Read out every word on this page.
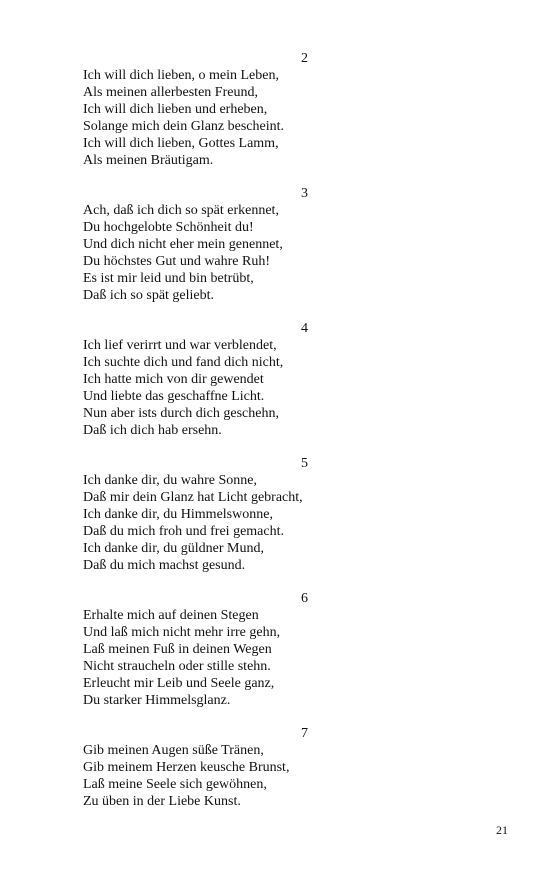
2
Ich will dich lieben, o mein Leben,
Als meinen allerbesten Freund,
Ich will dich lieben und erheben,
Solange mich dein Glanz bescheint.
Ich will dich lieben, Gottes Lamm,
Als meinen Bräutigam.
3
Ach, daß ich dich so spät erkennet,
Du hochgelobte Schönheit du!
Und dich nicht eher mein genennet,
Du höchstes Gut und wahre Ruh!
Es ist mir leid und bin betrübt,
Daß ich so spät geliebt.
4
Ich lief verirrt und war verblendet,
Ich suchte dich und fand dich nicht,
Ich hatte mich von dir gewendet
Und liebte das geschaffne Licht.
Nun aber ists durch dich geschehn,
Daß ich dich hab ersehn.
5
Ich danke dir, du wahre Sonne,
Daß mir dein Glanz hat Licht gebracht,
Ich danke dir, du Himmelswonne,
Daß du mich froh und frei gemacht.
Ich danke dir, du güldner Mund,
Daß du mich machst gesund.
6
Erhalte mich auf deinen Stegen
Und laß mich nicht mehr irre gehn,
Laß meinen Fuß in deinen Wegen
Nicht straucheln oder stille stehn.
Erleucht mir Leib und Seele ganz,
Du starker Himmelsglanz.
7
Gib meinen Augen süße Tränen,
Gib meinem Herzen keusche Brunst,
Laß meine Seele sich gewöhnen,
Zu üben in der Liebe Kunst.
21
